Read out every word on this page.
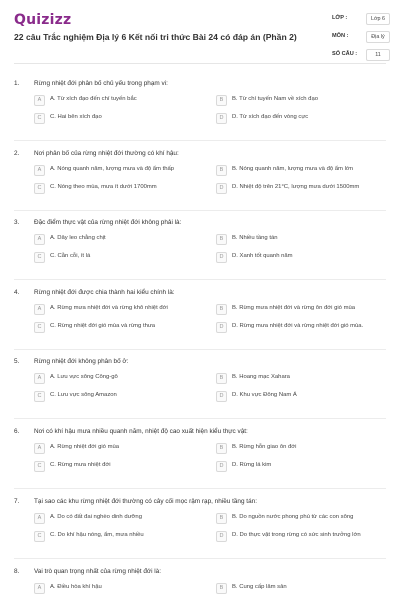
Quizizz
22 câu Trắc nghiệm Địa lý 6 Kết nối tri thức Bài 24 có đáp án (Phần 2)
LỚP :	Lớp 6
MÔN :	Địa lý
SỐ CÂU :	11
1. Rừng nhiệt đới phân bố chủ yếu trong phạm vi:
A	A. Từ xích đạo đến chí tuyến bắc	B	B. Từ chí tuyến Nam về xích đạo
C	C. Hai bên xích đạo	D	D. Từ xích đạo đến vòng cực
2. Nơi phân bố của rừng nhiệt đới thường có khí hậu:
A	A. Nóng quanh năm, lượng mưa và độ ẩm thấp	B	B. Nóng quanh năm, lượng mưa và độ ẩm lớn
C	C. Nóng theo mùa, mưa ít dưới 1700mm	D	D. Nhiệt độ trên 21°C, lượng mưa dưới 1500mm
3. Đặc điểm thực vật của rừng nhiệt đới không phải là:
A	A. Dây leo chằng chịt	B	B. Nhiều tầng tán
C	C. Cằn cỗi, ít lá	D	D. Xanh tốt quanh năm
4. Rừng nhiệt đới được chia thành hai kiểu chính là:
A	A. Rừng mưa nhiệt đới và rừng khô nhiệt đới	B	B. Rừng mưa nhiệt đới và rừng ôn đới gió mùa
C	C. Rừng nhiệt đới gió mùa và rừng thưa	D	D. Rừng mưa nhiệt đới và rừng nhiệt đới gió mùa.
5. Rừng nhiệt đới không phân bố ở:
A	A. Lưu vực sông Công-gô	B	B. Hoang mạc Xahara
C	C. Lưu vực sông Amazon	D	D. Khu vực Đông Nam Á
6. Nơi có khí hậu mưa nhiều quanh năm, nhiệt độ cao xuất hiện kiểu thực vật:
A	A. Rừng nhiệt đới gió mùa	B	B. Rừng hỗn giao ôn đới
C	C. Rừng mưa nhiệt đới	D	D. Rừng lá kim
7. Tại sao các khu rừng nhiệt đới thường có cây cối mọc rậm rạp, nhiều tầng tán:
A	A. Do có đất đai nghèo dinh dưỡng	B	B. Do nguồn nước phong phú từ các con sông
C	C. Do khí hậu nóng, ẩm, mưa nhiều	D	D. Do thực vật trong rừng có sức sinh trưởng lớn
8. Vai trò quan trọng nhất của rừng nhiệt đới là:
A	A. Điều hòa khí hậu	B	B. Cung cấp lâm sản
